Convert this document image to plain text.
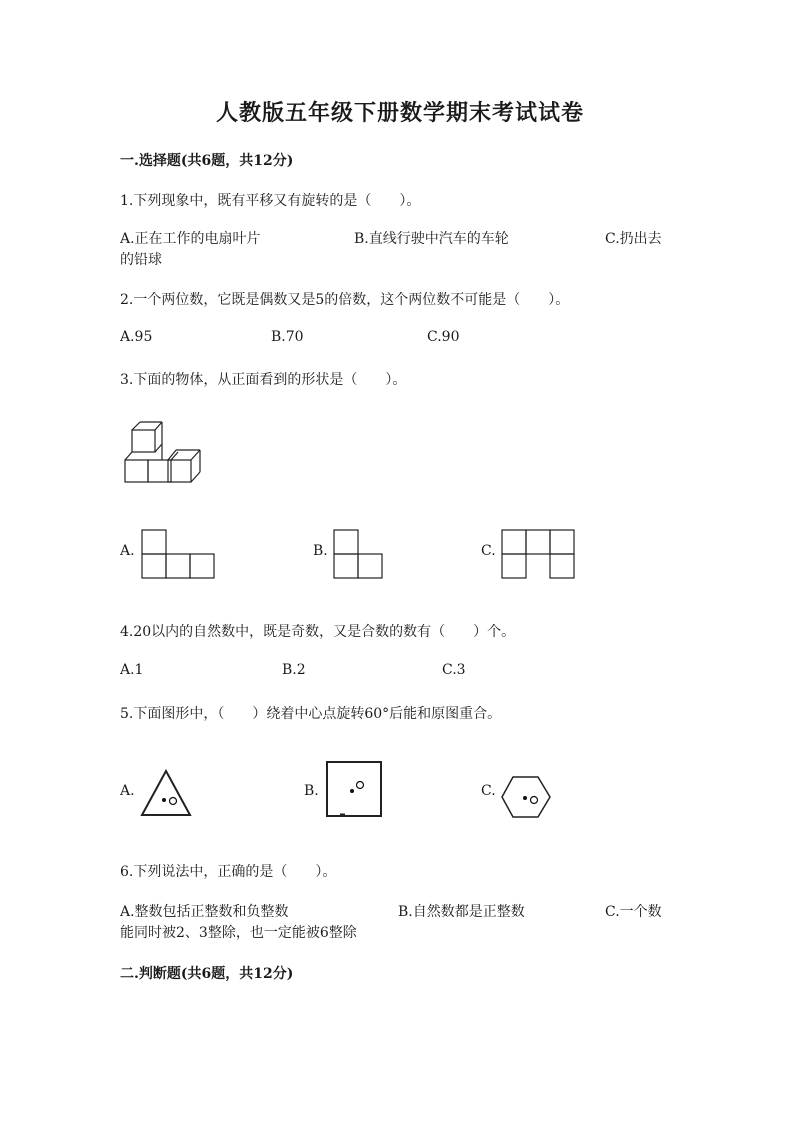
人教版五年级下册数学期末考试试卷
一.选择题(共6题，共12分)
1.下列现象中，既有平移又有旋转的是（　　）。
A.正在工作的电扇叶片	B.直线行驶中汽车的车轮	C.扔出去
的铅球
2.一个两位数，它既是偶数又是5的倍数，这个两位数不可能是（　　）。
A.95	B.70	C.90
3.下面的物体，从正面看到的形状是（　　）。
A.	B.	C.
4.20以内的自然数中，既是奇数，又是合数的数有（　　）个。
A.1	B.2	C.3
5.下面图形中，（　　）绕着中心点旋转60°后能和原图重合。
A.	B.	C.
6.下列说法中，正确的是（　　）。
A.整数包括正整数和负整数	B.自然数都是正整数	C.一个数
能同时被2、3整除，也一定能被6整除
二.判断题(共6题，共12分)
